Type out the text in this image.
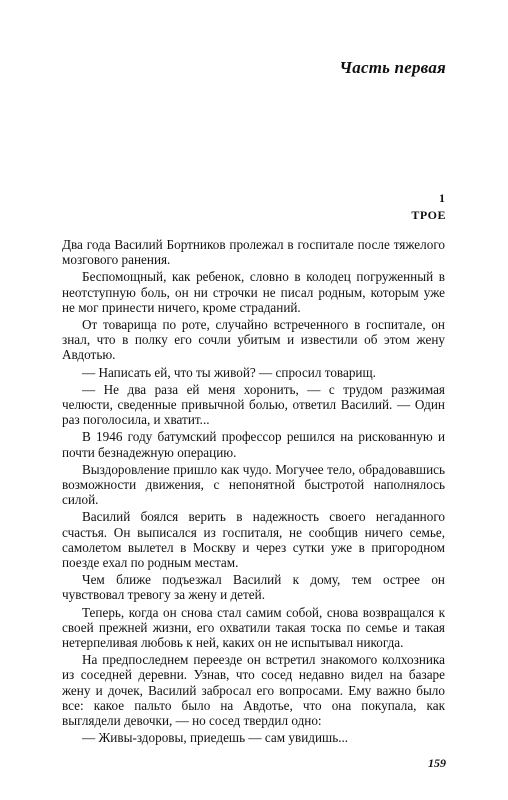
Часть первая
1
ТРОЕ

Два года Василий Бортников пролежал в госпитале после тяжелого мозгового ранения.

Беспомощный, как ребенок, словно в колодец погруженный в неотступную боль, он ни строчки не писал родным, которым уже не мог принести ничего, кроме страданий.

От товарища по роте, случайно встреченного в госпитале, он знал, что в полку его сочли убитым и известили об этом жену Авдотью.

— Написать ей, что ты живой? — спросил товарищ.

— Не два раза ей меня хоронить, — с трудом разжимая челюсти, сведенные привычной болью, ответил Василий. — Один раз поголосила, и хватит...

В 1946 году батумский профессор решился на рискованную и почти безнадежную операцию.

Выздоровление пришло как чудо. Могучее тело, обрадовавшись возможности движения, с непонятной быстротой наполнялось силой.

Василий боялся верить в надежность своего негаданного счастья. Он выписался из госпиталя, не сообщив ничего семье, самолетом вылетел в Москву и через сутки уже в пригородном поезде ехал по родным местам.

Чем ближе подъезжал Василий к дому, тем острее он чувствовал тревогу за жену и детей.

Теперь, когда он снова стал самим собой, снова возвращался к своей прежней жизни, его охватили такая тоска по семье и такая нетерпеливая любовь к ней, каких он не испытывал никогда.

На предпоследнем переезде он встретил знакомого колхозника из соседней деревни. Узнав, что сосед недавно видел на базаре жену и дочек, Василий забросал его вопросами. Ему важно было все: какое пальто было на Авдотье, что она покупала, как выглядели девочки, — но сосед твердил одно:

— Живы-здоровы, приедешь — сам увидишь...

159
